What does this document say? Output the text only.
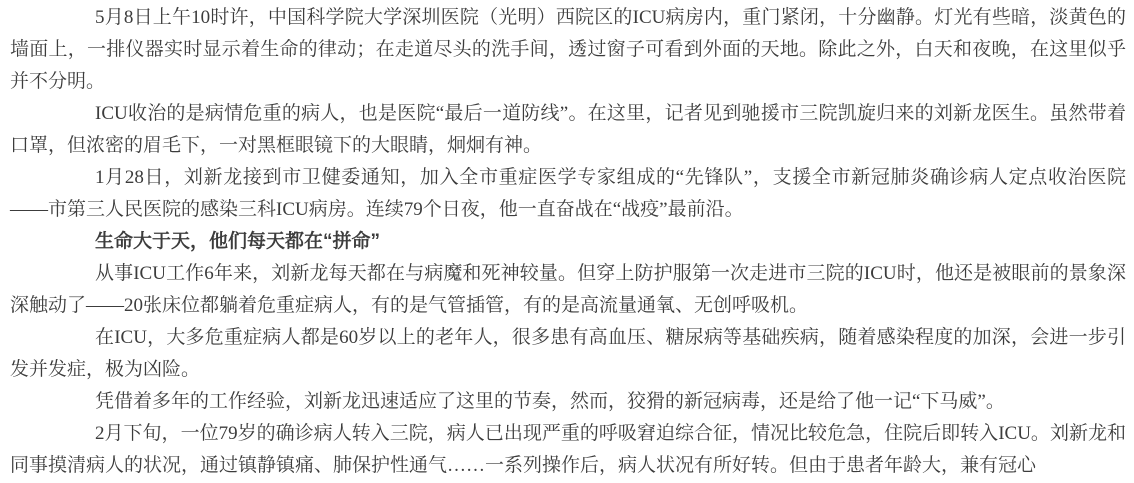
5月8日上午10时许，中国科学院大学深圳医院（光明）西院区的ICU病房内，重门紧闭，十分幽静。灯光有些暗，淡黄色的墙面上，一排仪器实时显示着生命的律动；在走道尽头的洗手间，透过窗子可看到外面的天地。除此之外，白天和夜晚，在这里似乎并不分明。

ICU收治的是病情危重的病人，也是医院“最后一道防线”。在这里，记者见到驰援市三院凯旋归来的刘新龙医生。虽然带着口罩，但浓密的眉毛下，一对黑框眼镜下的大眼睛，炯炯有神。

1月28日，刘新龙接到市卫健委通知，加入全市重症医学专家组成的“先锋队”，支援全市新冠肺炎确诊病人定点收治医院——市第三人民医院的感染三科ICU病房。连续79个日夜，他一直奋战在“战疫”最前沿。

生命大于天，他们每天都在“拼命”

从事ICU工作6年来，刘新龙每天都在与病魔和死神较量。但穿上防护服第一次走进市三院的ICU时，他还是被眼前的景象深深触动了——20张床位都躺着危重症病人，有的是气管插管，有的是高流量通氧、无创呼吸机。

在ICU，大多危重症病人都是60岁以上的老年人，很多患有高血压、糖尿病等基础疾病，随着感染程度的加深，会进一步引发并发症，极为凶险。

凭借着多年的工作经验，刘新龙迅速适应了这里的节奏，然而，狡猾的新冠病毒，还是给了他一记“下马威”。

2月下旬，一位79岁的确诊病人转入三院，病人已出现严重的呼吸窘迫综合征，情况比较危急，住院后即转入ICU。刘新龙和同事摸清病人的状况，通过镇静镇痛、肺保护性通气……一系列操作后，病人状况有所好转。但由于患者年龄大，兼有冠心
